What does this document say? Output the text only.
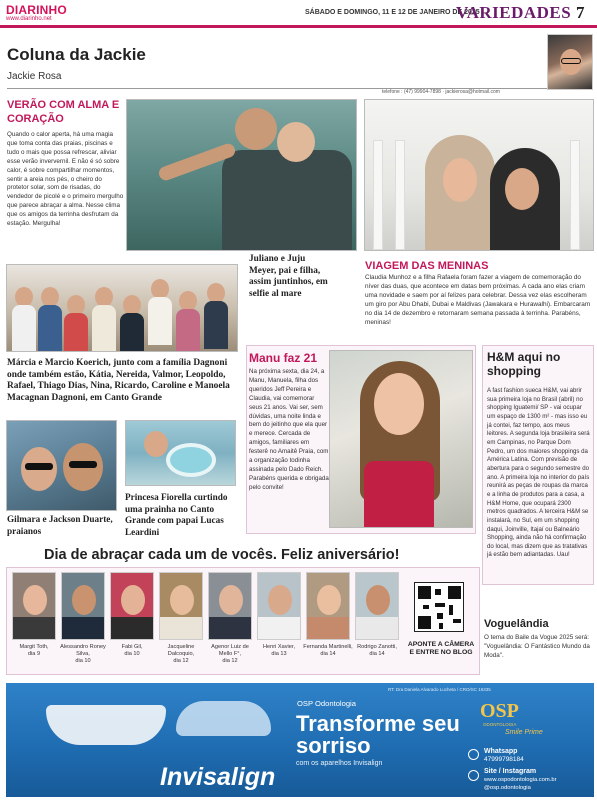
DIARINHO
www.diarinho.net
SÁBADO E DOMINGO, 11 E 12 DE JANEIRO DE 2025
VARIEDADES 7
Coluna da Jackie
Jackie Rosa
telefone : (47) 99904-7898 · jackierosa@hotmail.com
VERÃO COM ALMA E CORAÇÃO
Quando o calor aperta, há uma magia que toma conta das praias, piscinas e tudo o mais que possa refrescar, aliviar esse verão inververnil. E não é só sobre calor, é sobre compartilhar momentos, sentir a areia nos pés, o cheiro do protetor solar, som de risadas, do vendedor de picolé e o primeiro mergulho que parece abraçar a alma. Nesse clima que os amigos da terrinha desfrutam da estação. Mergulha!
Juliano e Juju Meyer, pai e filha, assim juntinhos, em selfie al mare
VIAGEM DAS MENINAS
Claudia Munhoz e a filha Rafaela foram fazer a viagem de comemoração do níver das duas, que acontece em datas bem próximas. A cada ano elas criam uma novidade e saem por aí felizes para celebrar. Dessa vez elas escolheram um giro por Abu Dhabi, Dubai e Maldivas (Jawakara e Hurawalhi). Embarcaram no dia 14 de dezembro e retornaram semana passada à terrinha. Parabéns, meninas!
Márcia e Marcio Koerich, junto com a família Dagnoni onde também estão, Kátia, Nereida, Valmor, Leopoldo, Rafael, Thiago Dias, Nina, Ricardo, Caroline e Manoela Macagnan Dagnoni, em Canto Grande
Gilmara e Jackson Duarte, praianos
Princesa Fiorella curtindo uma prainha no Canto Grande com papai Lucas Leardini
Manu faz 21
Na próxima sexta, dia 24, a Manu, Manuela, filha dos queridos Jeff Pereira e Claudia, vai comemorar seus 21 anos. Vai ser, sem dúvidas, uma noite linda e bem do jeitinho que ela quer e merece. Cercada de amigos, familiares em festerê no Amaitê Praia, com a organização todinha assinada pelo Dado Reich. Parabéns querida e obrigada pelo convite!
H&M aqui no shopping
A fast fashion sueca H&M, vai abrir sua primeira loja no Brasil (abril) no shopping Iguatemi/ SP - vai ocupar um espaço de 1300 m² - mas isso eu já contei, faz tempo, aos meus leitores. A segunda loja brasileira será em Campinas, no Parque Dom Pedro, um dos maiores shoppings da América Latina. Com previsão de abertura para o segundo semestre do ano. A primeira loja no interior do país reunirá as peças de roupas da marca e a linha de produtos para a casa, a H&M Home, que ocupará 2300 metros quadrados. A terceira H&M se instalará, no Sul, em um shopping daqui, Joinville, Itajaí ou Balneário Shopping, ainda não há confirmação do local, mas dizem que as tratativas já estão bem adiantadas. Uau!
Voguelândia
O tema do Baile da Vogue 2025 será: "Voguelândia: O Fantástico Mundo da Moda".
Dia de abraçar cada um de vocês. Feliz aniversário!
Margit Toth,
dia 9
Alessandro Roney Silva,
dia 10
Fabi Gil,
dia 10
Jacqueline Dalcoquio,
dia 12
Agenor Luiz de Mello F°,
dia 12
Henri Xavier,
dia 13
Fernanda Martinelli,
dia 14
Rodrigo Zanotti,
dia 14
APONTE A CÂMERA E ENTRE NO BLOG
RT: Dra Daniela Alvarado Lucheta / CRO/SC 16335
OSP Odontologia
Transforme seu sorriso
com os aparelhos Invisalign
Invisalign
OSP
ODONTOLOGIA
Smile Prime
Whatsapp
47999798184
Site / Instagram
www.ospodontologia.com.br
@osp.odontologia
